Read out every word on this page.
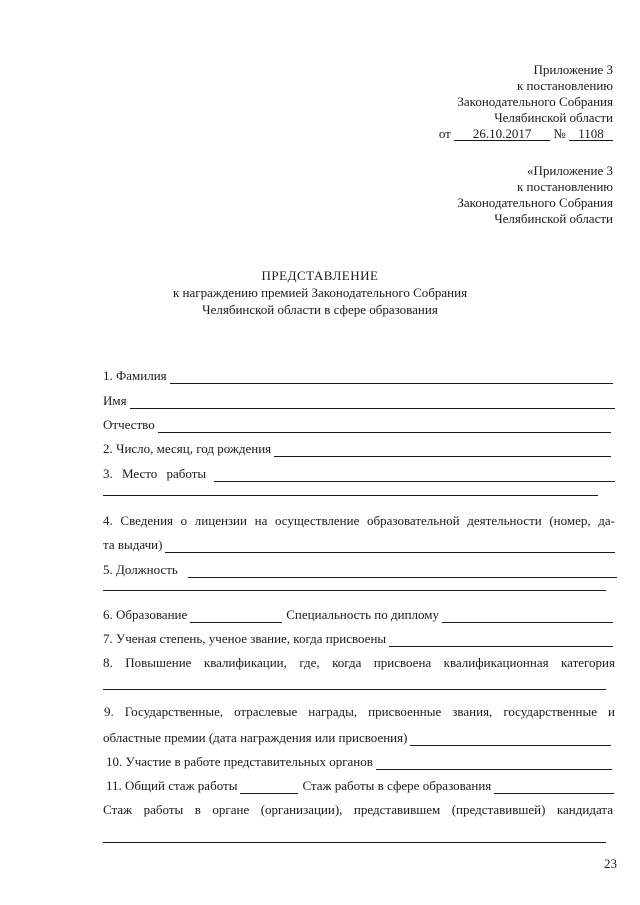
Приложение 3
к постановлению
Законодательного Собрания
Челябинской области
от 26.10.2017 № 1108
«Приложение 3
к постановлению
Законодательного Собрания
Челябинской области
ПРЕДСТАВЛЕНИЕ
к награждению премией Законодательного Собрания
Челябинской области в сфере образования
1. Фамилия
Имя
Отчество
2. Число, месяц, год рождения
3. Место работы
4. Сведения о лицензии на осуществление образовательной деятельности (номер, да-
та выдачи)
5. Должность
6. Образование	Специальность по диплому
7. Ученая степень, ученое звание, когда присвоены
8. Повышение квалификации, где, когда присвоена квалификационная категория
9. Государственные, отраслевые награды, присвоенные звания, государственные и
областные премии (дата награждения или присвоения)
10. Участие в работе представительных органов
11. Общий стаж работы	Стаж работы в сфере образования
Стаж работы в органе (организации), представившем (представившей) кандидата
23
